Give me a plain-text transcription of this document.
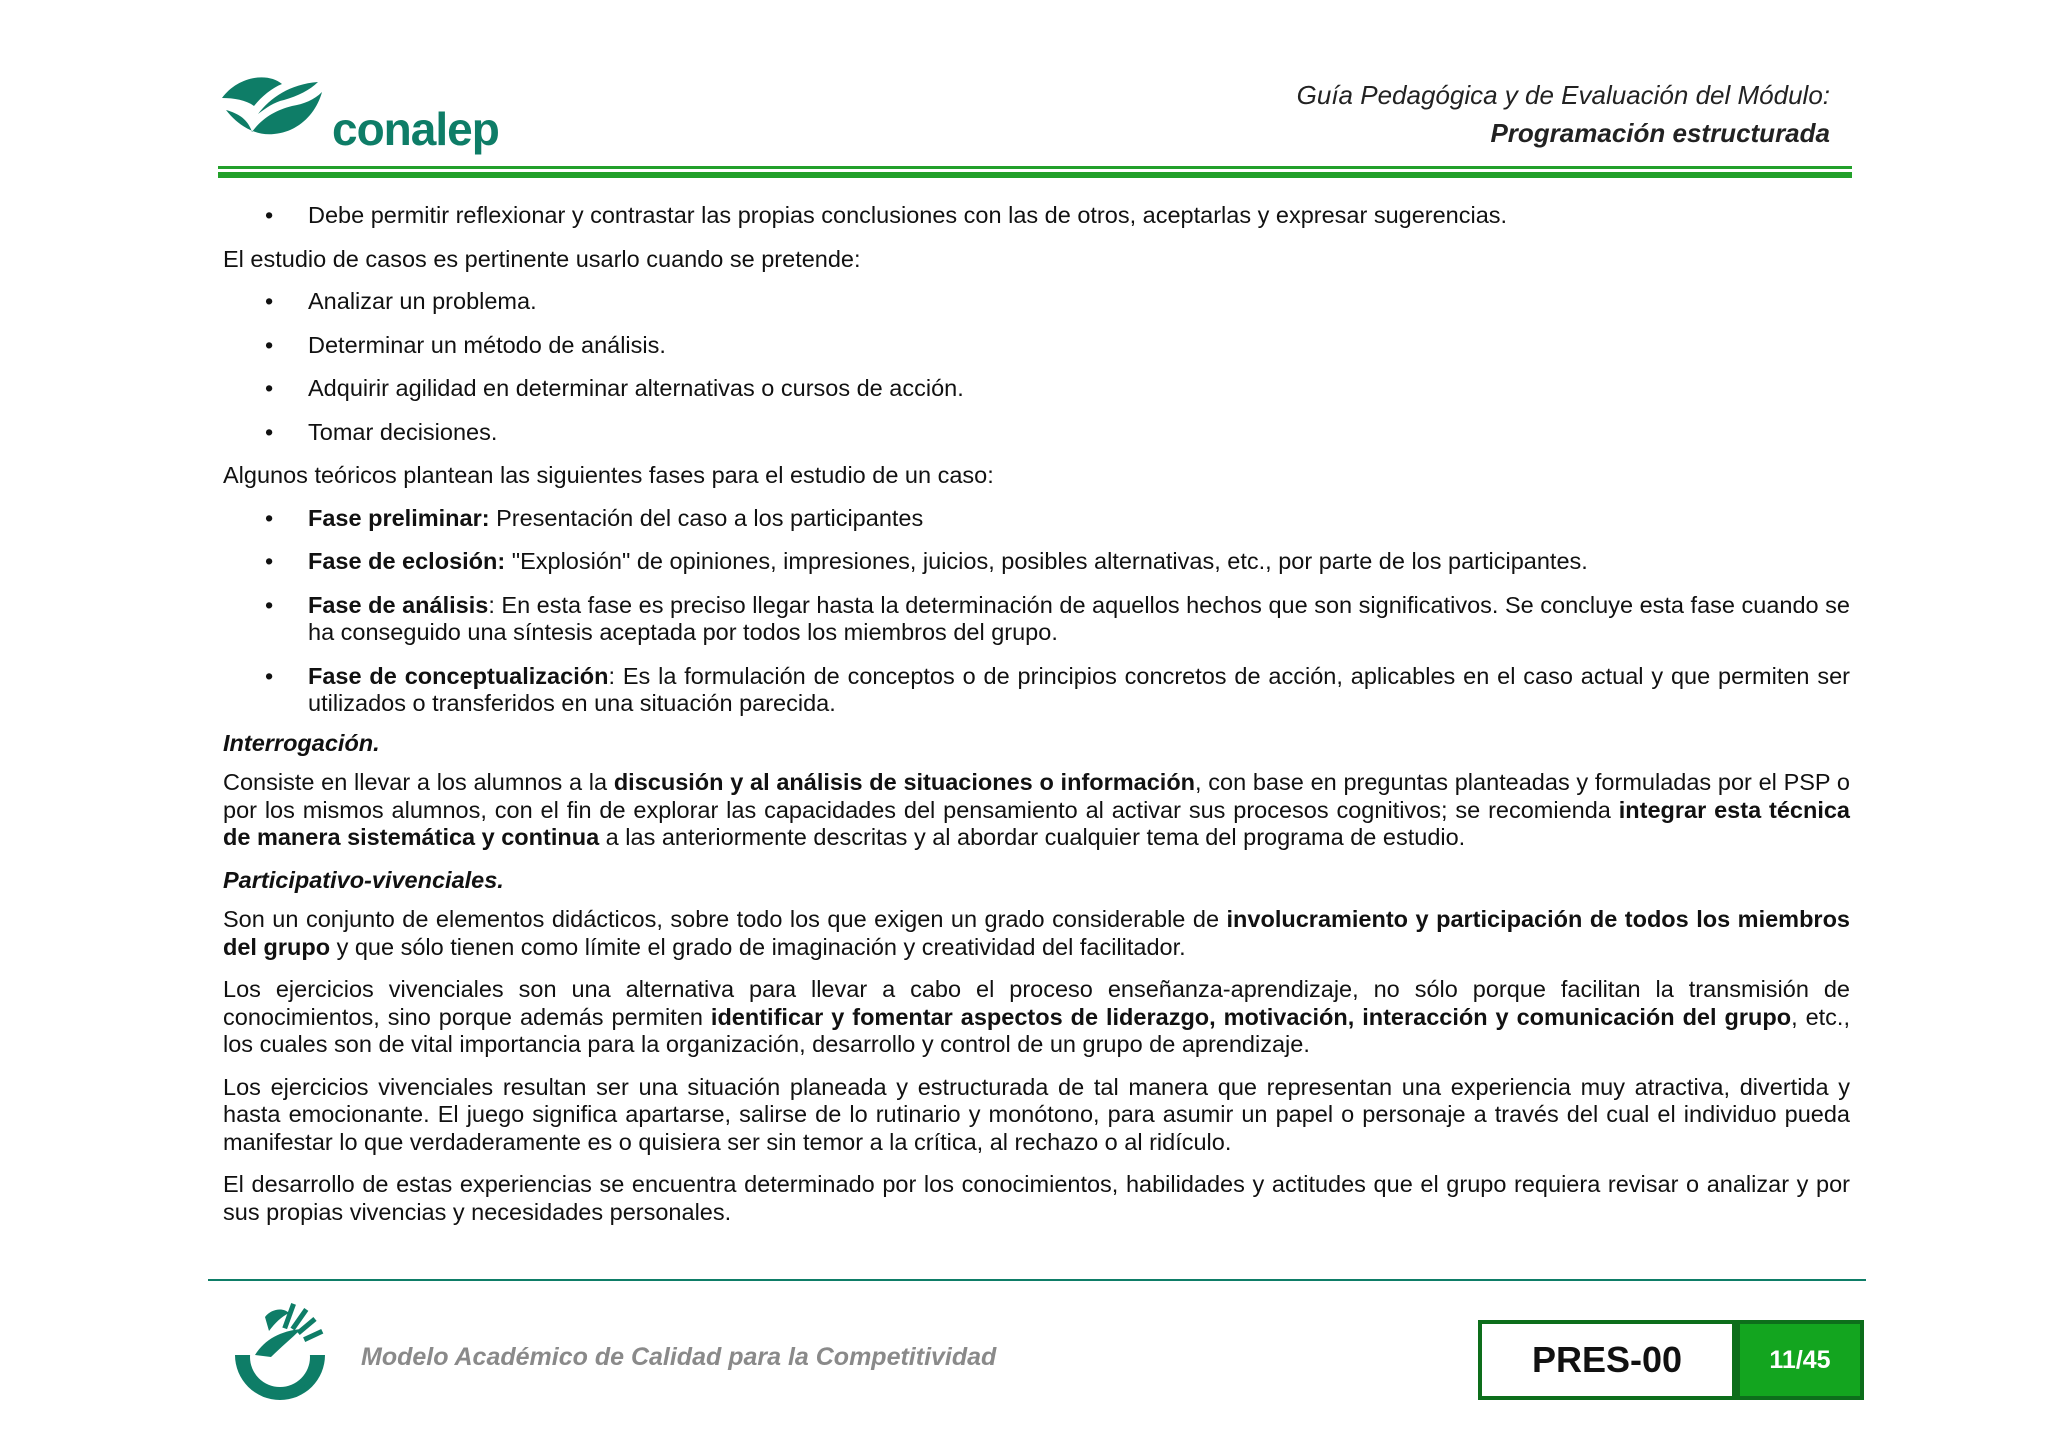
conalep
Guía Pedagógica y de Evaluación del Módulo:
Programación estructurada
• Debe permitir reflexionar y contrastar las propias conclusiones con las de otros, aceptarlas y expresar sugerencias.

El estudio de casos es pertinente usarlo cuando se pretende:

• Analizar un problema.
• Determinar un método de análisis.
• Adquirir agilidad en determinar alternativas o cursos de acción.
• Tomar decisiones.

Algunos teóricos plantean las siguientes fases para el estudio de un caso:

• Fase preliminar: Presentación del caso a los participantes
• Fase de eclosión: "Explosión" de opiniones, impresiones, juicios, posibles alternativas, etc., por parte de los participantes.
• Fase de análisis: En esta fase es preciso llegar hasta la determinación de aquellos hechos que son significativos. Se concluye esta fase cuando se ha conseguido una síntesis aceptada por todos los miembros del grupo.
• Fase de conceptualización: Es la formulación de conceptos o de principios concretos de acción, aplicables en el caso actual y que permiten ser utilizados o transferidos en una situación parecida.

Interrogación.

Consiste en llevar a los alumnos a la discusión y al análisis de situaciones o información, con base en preguntas planteadas y formuladas por el PSP o por los mismos alumnos, con el fin de explorar las capacidades del pensamiento al activar sus procesos cognitivos; se recomienda integrar esta técnica de manera sistemática y continua a las anteriormente descritas y al abordar cualquier tema del programa de estudio.

Participativo-vivenciales.

Son un conjunto de elementos didácticos, sobre todo los que exigen un grado considerable de involucramiento y participación de todos los miembros del grupo y que sólo tienen como límite el grado de imaginación y creatividad del facilitador.

Los ejercicios vivenciales son una alternativa para llevar a cabo el proceso enseñanza-aprendizaje, no sólo porque facilitan la transmisión de conocimientos, sino porque además permiten identificar y fomentar aspectos de liderazgo, motivación, interacción y comunicación del grupo, etc., los cuales son de vital importancia para la organización, desarrollo y control de un grupo de aprendizaje.

Los ejercicios vivenciales resultan ser una situación planeada y estructurada de tal manera que representan una experiencia muy atractiva, divertida y hasta emocionante. El juego significa apartarse, salirse de lo rutinario y monótono, para asumir un papel o personaje a través del cual el individuo pueda manifestar lo que verdaderamente es o quisiera ser sin temor a la crítica, al rechazo o al ridículo.

El desarrollo de estas experiencias se encuentra determinado por los conocimientos, habilidades y actitudes que el grupo requiera revisar o analizar y por sus propias vivencias y necesidades personales.

Modelo Académico de Calidad para la Competitividad	PRES-00	11/45
